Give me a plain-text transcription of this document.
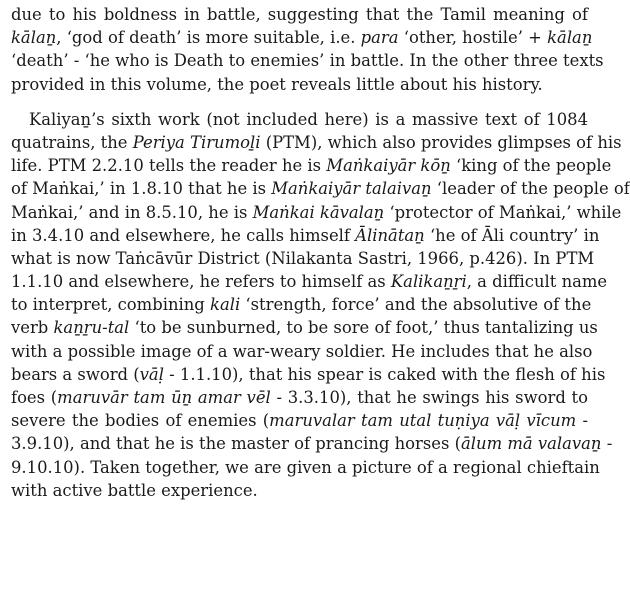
due to his boldness in battle, suggesting that the Tamil meaning of
kālaṉ, ‘god of death’ is more suitable, i.e. para ‘other, hostile’ + kālaṉ
‘death’ - ‘he who is Death to enemies’ in battle. In the other three texts
provided in this volume, the poet reveals little about his history.
Kaliyaṉ’s sixth work (not included here) is a massive text of 1084
quatrains, the Periya Tirumoḻi (PTM), which also provides glimpses of his
life. PTM 2.2.10 tells the reader he is Maṅkaiyār kōṉ ‘king of the people
of Maṅkai,’ in 1.8.10 that he is Maṅkaiyār talaivaṉ ‘leader of the people of
Maṅkai,’ and in 8.5.10, he is Maṅkai kāvalaṉ ‘protector of Maṅkai,’ while
in 3.4.10 and elsewhere, he calls himself Ālinātaṉ ‘he of Āli country’ in
what is now Taṅcāvūr District (Nilakanta Sastri, 1966, p.426). In PTM
1.1.10 and elsewhere, he refers to himself as Kalikaṉṟi, a difficult name
to interpret, combining kali ‘strength, force’ and the absolutive of the
verb kaṉṟu-tal ‘to be sunburned, to be sore of foot,’ thus tantalizing us
with a possible image of a war-weary soldier. He includes that he also
bears a sword (vāḷ - 1.1.10), that his spear is caked with the flesh of his
foes (maruvār tam ūṉ amar vēl - 3.3.10), that he swings his sword to
severe the bodies of enemies (maruvalar tam utal tuṇiya vāḷ vīcum -
3.9.10), and that he is the master of prancing horses (ālum mā valavaṉ -
9.10.10). Taken together, we are given a picture of a regional chieftain
with active battle experience.
